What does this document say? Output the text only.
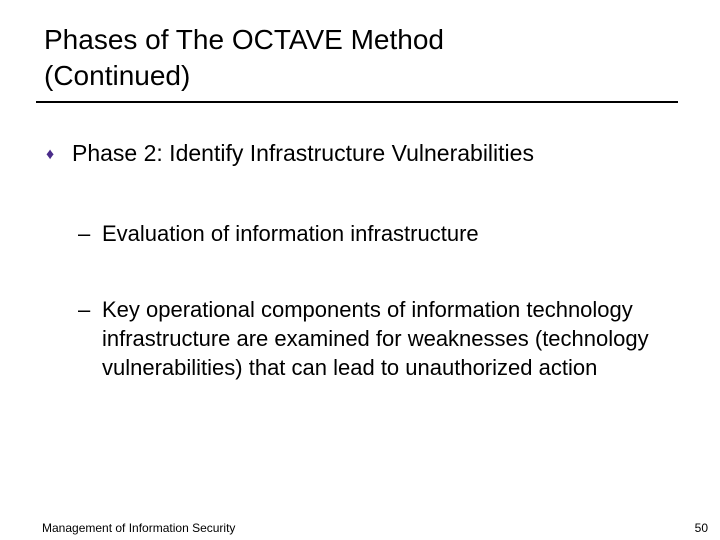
Phases of The OCTAVE Method
(Continued)
♦ Phase 2: Identify Infrastructure Vulnerabilities
– Evaluation of information infrastructure
– Key operational components of information technology infrastructure are examined for weaknesses (technology vulnerabilities) that can lead to unauthorized action
Management of Information Security	50
